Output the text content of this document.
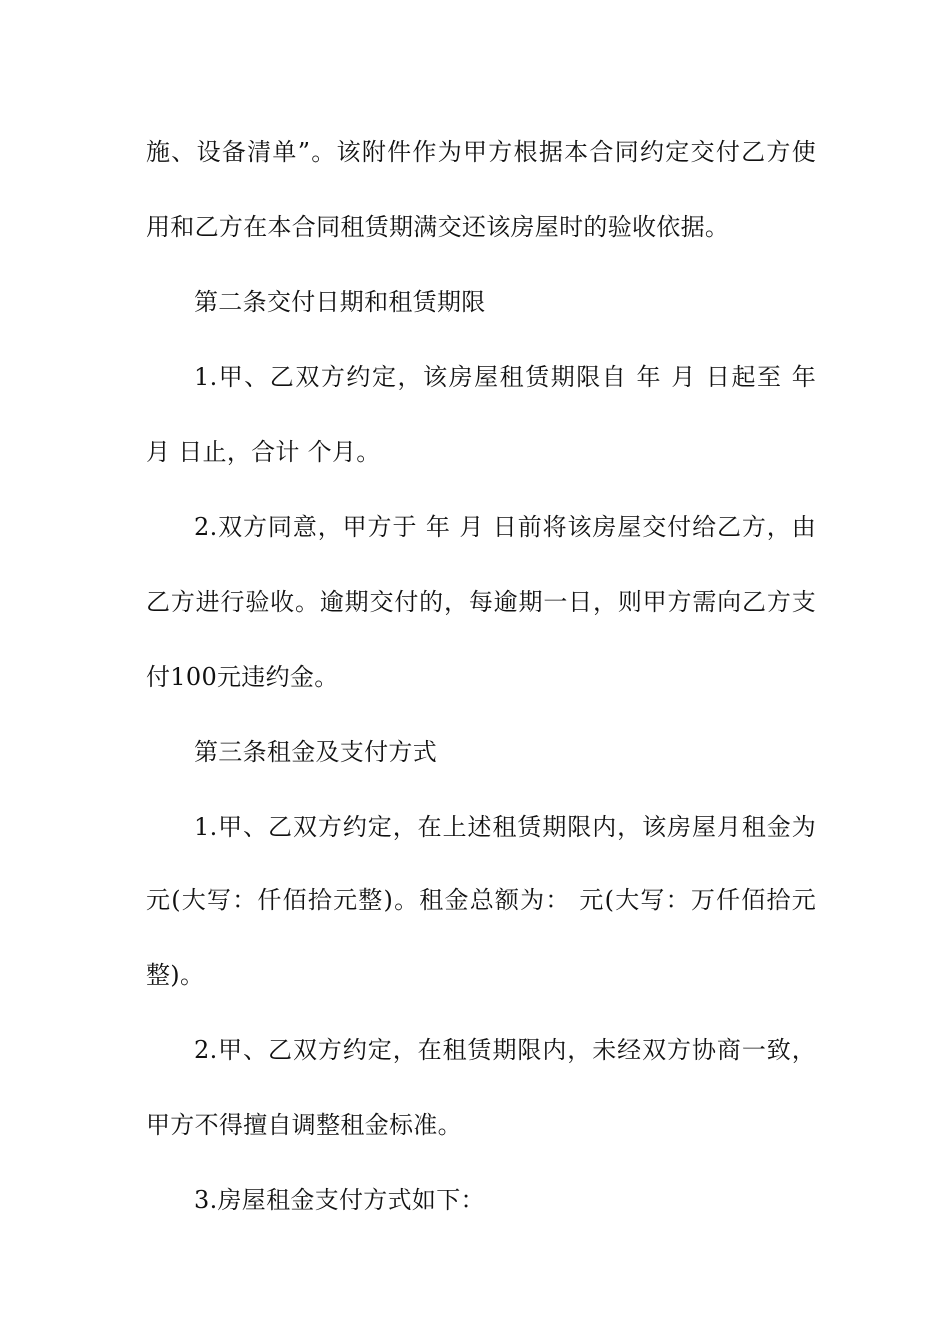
施、设备清单”。该附件作为甲方根据本合同约定交付乙方使
用和乙方在本合同租赁期满交还该房屋时的验收依据。
第二条交付日期和租赁期限
1.甲、乙双方约定，该房屋租赁期限自 年 月 日起至 年
月 日止，合计 个月。
2.双方同意，甲方于 年 月 日前将该房屋交付给乙方，由
乙方进行验收。逾期交付的，每逾期一日，则甲方需向乙方支
付100元违约金。
第三条租金及支付方式
1.甲、乙双方约定，在上述租赁期限内，该房屋月租金为
元(大写：仟佰拾元整)。租金总额为： 元(大写：万仟佰拾元
整)。
2.甲、乙双方约定，在租赁期限内，未经双方协商一致，
甲方不得擅自调整租金标准。
3.房屋租金支付方式如下：
